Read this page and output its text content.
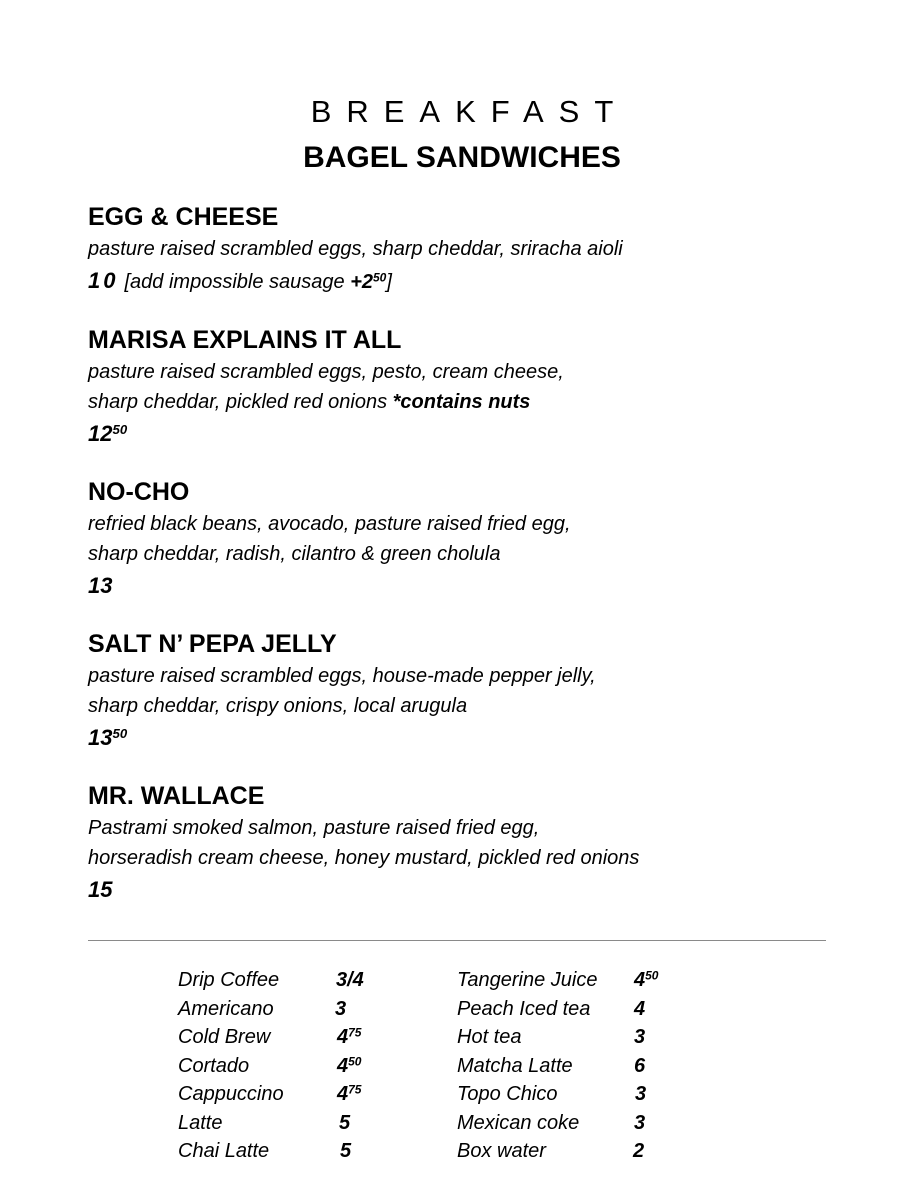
BREAKFAST
BAGEL SANDWICHES
EGG & CHEESE
pasture raised scrambled eggs, sharp cheddar, sriracha aioli
10 [add impossible sausage $+2^{50}$]
MARISA EXPLAINS IT ALL
pasture raised scrambled eggs, pesto, cream cheese,
sharp cheddar, pickled red onions *contains nuts
$12^{50}$
NO-CHO
refried black beans, avocado, pasture raised fried egg,
sharp cheddar, radish, cilantro & green cholula
13
SALT N’ PEPA JELLY
pasture raised scrambled eggs, house-made pepper jelly,
sharp cheddar, crispy onions, local arugula
$13^{50}$
MR. WALLACE
Pastrami smoked salmon, pasture raised fried egg,
horseradish cream cheese, honey mustard, pickled red onions
15
Drip Coffee	3/4
Americano	3
Cold Brew	$4^{75}$
Cortado	$4^{50}$
Cappuccino	$4^{75}$
Latte	5
Chai Latte	5
Tangerine Juice $4^{50}$
Peach Iced tea 4
Hot tea	3
Matcha Latte	6
Topo Chico	3
Mexican coke	3
Box water	2
